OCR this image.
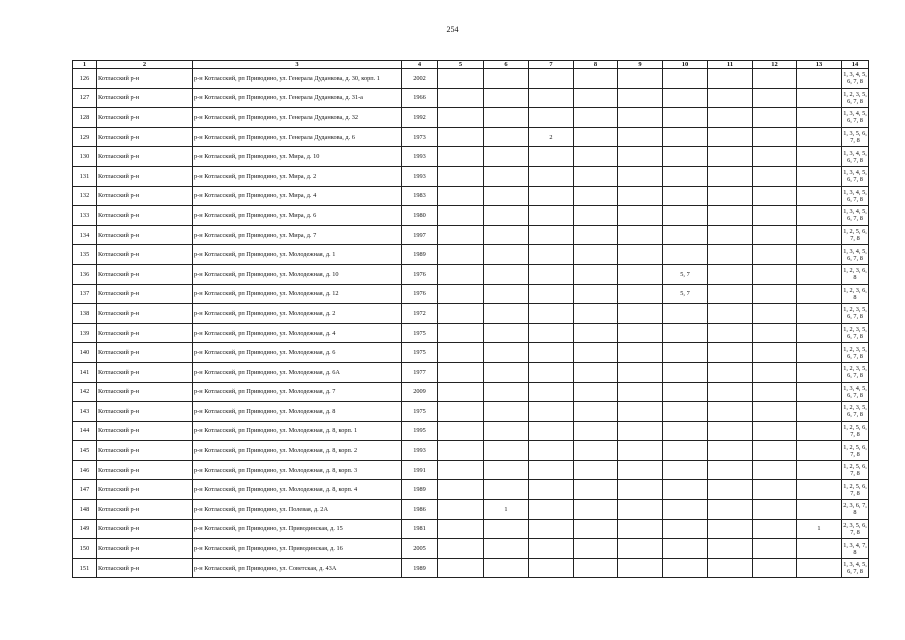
254
1	2	3	4	5	6	7	8	9	10	11	12	13	14
126	Котласский р-н	р-н Котласский, рп Приводино, ул. Генерала Дуданкова, д. 30, корп. 1	2002										1, 3, 4, 5, 6, 7, 8
127	Котласский р-н	р-н Котласский, рп Приводино, ул. Генерала Дуданкова, д. 31-а	1966										1, 2, 3, 5, 6, 7, 8
128	Котласский р-н	р-н Котласский, рп Приводино, ул. Генерала Дуданкова, д. 32	1992										1, 3, 4, 5, 6, 7, 8
129	Котласский р-н	р-н Котласский, рп Приводино, ул. Генерала Дуданкова, д. 6	1973			2							1, 3, 5, 6, 7, 8
130	Котласский р-н	р-н Котласский, рп Приводино, ул. Мира, д. 10	1993										1, 3, 4, 5, 6, 7, 8
131	Котласский р-н	р-н Котласский, рп Приводино, ул. Мира, д. 2	1993										1, 3, 4, 5, 6, 7, 8
132	Котласский р-н	р-н Котласский, рп Приводино, ул. Мира, д. 4	1983										1, 3, 4, 5, 6, 7, 8
133	Котласский р-н	р-н Котласский, рп Приводино, ул. Мира, д. 6	1980										1, 3, 4, 5, 6, 7, 8
134	Котласский р-н	р-н Котласский, рп Приводино, ул. Мира, д. 7	1997										1, 2, 5, 6, 7, 8
135	Котласский р-н	р-н Котласский, рп Приводино, ул. Молодежная, д. 1	1989										1, 3, 4, 5, 6, 7, 8
136	Котласский р-н	р-н Котласский, рп Приводино, ул. Молодежная, д. 10	1976						5, 7				1, 2, 3, 6, 8
137	Котласский р-н	р-н Котласский, рп Приводино, ул. Молодежная, д. 12	1976						5, 7				1, 2, 3, 6, 8
138	Котласский р-н	р-н Котласский, рп Приводино, ул. Молодежная, д. 2	1972										1, 2, 3, 5, 6, 7, 8
139	Котласский р-н	р-н Котласский, рп Приводино, ул. Молодежная, д. 4	1975										1, 2, 3, 5, 6, 7, 8
140	Котласский р-н	р-н Котласский, рп Приводино, ул. Молодежная, д. 6	1975										1, 2, 3, 5, 6, 7, 8
141	Котласский р-н	р-н Котласский, рп Приводино, ул. Молодежная, д. 6А	1977										1, 2, 3, 5, 6, 7, 8
142	Котласский р-н	р-н Котласский, рп Приводино, ул. Молодежная, д. 7	2009										1, 3, 4, 5, 6, 7, 8
143	Котласский р-н	р-н Котласский, рп Приводино, ул. Молодежная, д. 8	1975										1, 2, 3, 5, 6, 7, 8
144	Котласский р-н	р-н Котласский, рп Приводино, ул. Молодежная, д. 8, корп. 1	1995										1, 2, 5, 6, 7, 8
145	Котласский р-н	р-н Котласский, рп Приводино, ул. Молодежная, д. 8, корп. 2	1993										1, 2, 5, 6, 7, 8
146	Котласский р-н	р-н Котласский, рп Приводино, ул. Молодежная, д. 8, корп. 3	1991										1, 2, 5, 6, 7, 8
147	Котласский р-н	р-н Котласский, рп Приводино, ул. Молодежная, д. 8, корп. 4	1989										1, 2, 5, 6, 7, 8
148	Котласский р-н	р-н Котласский, рп Приводино, ул. Полевая, д. 2А	1986		1								2, 3, 6, 7, 8
149	Котласский р-н	р-н Котласский, рп Приводино, ул. Приводинская, д. 15	1981									1	2, 3, 5, 6, 7, 8
150	Котласский р-н	р-н Котласский, рп Приводино, ул. Приводинская, д. 16	2005										1, 3, 4, 7, 8
151	Котласский р-н	р-н Котласский, рп Приводино, ул. Советская, д. 43А	1989										1, 3, 4, 5, 6, 7, 8
